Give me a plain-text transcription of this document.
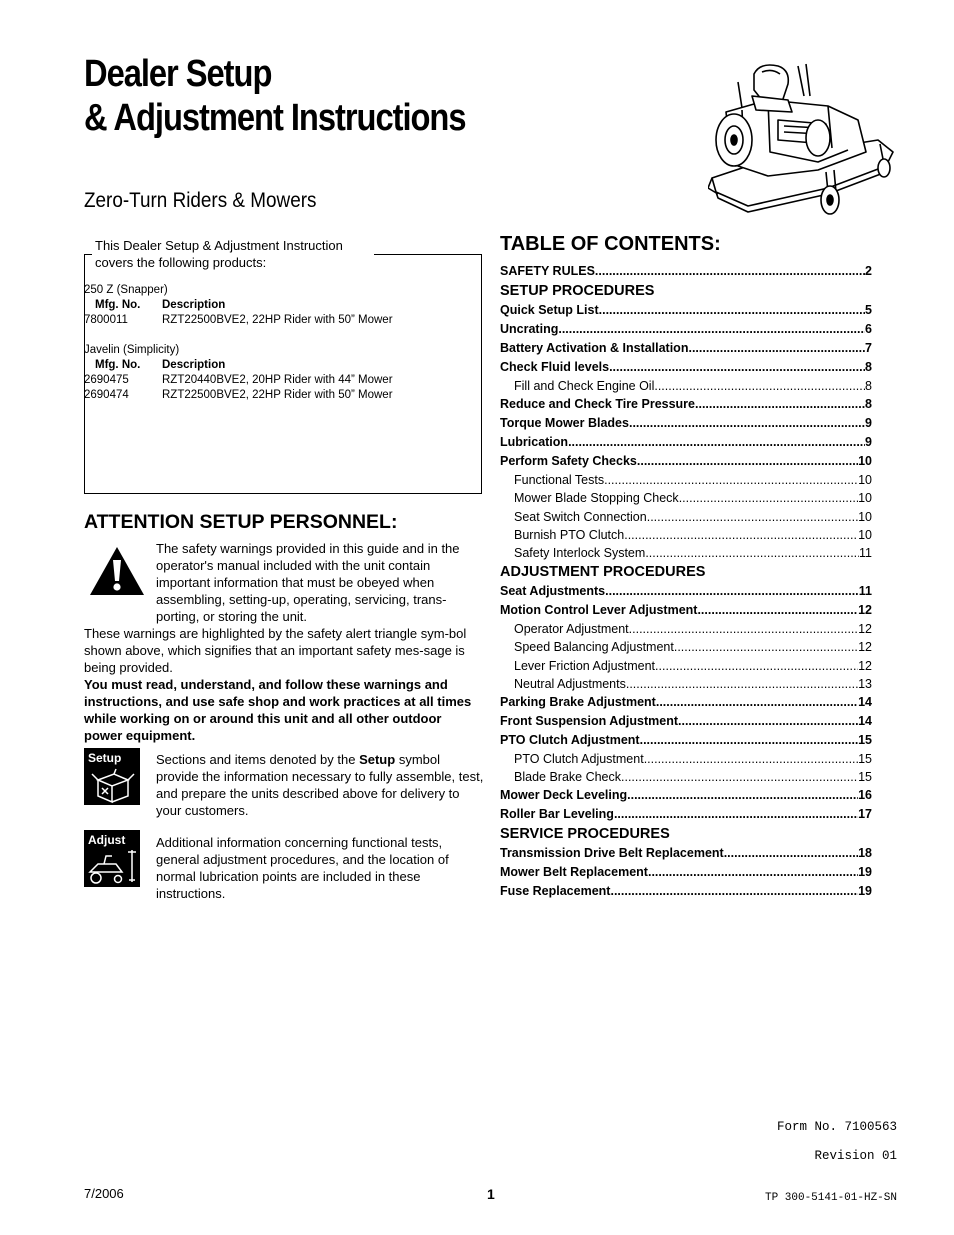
Dealer Setup
& Adjustment Instructions
Zero-Turn Riders & Mowers
This Dealer Setup & Adjustment Instruction
covers the following products:
250 Z (Snapper)
Mfg. No.	Description
7800011	RZT22500BVE2, 22HP Rider with 50” Mower
Javelin (Simplicity)
Mfg. No.	Description
2690475	RZT20440BVE2, 20HP Rider with 44” Mower
2690474	RZT22500BVE2, 22HP Rider with 50” Mower
ATTENTION SETUP PERSONNEL:

The safety warnings provided in this guide and in the operator's manual included with the unit contain important information that must be obeyed when assembling, setting-up, operating, servicing, trans-porting, or storing the unit.

These warnings are highlighted by the safety alert triangle sym-bol shown above, which signifies that an important safety mes-sage is being provided.

You must read, understand, and follow these warnings and instructions, and use safe shop and work practices at all times while working on or around this unit and all other outdoor power equipment.

Setup	Sections and items denoted by the Setup symbol provide the information necessary to fully assemble, test, and prepare the units described above for delivery to your customers.
Adjust	Additional information concerning functional tests, general adjustment procedures, and the location of normal lubrication points are included in these instructions.
TABLE OF CONTENTS:
SAFETY RULES .....	2
SETUP PROCEDURES
Quick Setup List .....	5
Uncrating .....	6
Battery Activation & Installation .....	7
Check Fluid levels .....	8
Fill and Check Engine Oil .....	8
Reduce and Check Tire Pressure .....	8
Torque Mower Blades .....	9
Lubrication .....	9
Perform Safety Checks .....	10
Functional Tests .....	10
Mower Blade Stopping Check .....	10
Seat Switch Connection .....	10
Burnish PTO Clutch .....	10
Safety Interlock System .....	11
ADJUSTMENT PROCEDURES
Seat Adjustments .....	11
Motion Control Lever Adjustment .....	12
Operator Adjustment .....	12
Speed Balancing Adjustment .....	12
Lever Friction Adjustment .....	12
Neutral Adjustments .....	13
Parking Brake Adjustment .....	14
Front Suspension Adjustment .....	14
PTO Clutch Adjustment .....	15
PTO Clutch Adjustment .....	15
Blade Brake Check .....	15
Mower Deck Leveling .....	16
Roller Bar Leveling .....	17
SERVICE PROCEDURES
Transmission Drive Belt Replacement .....	18
Mower Belt Replacement .....	19
Fuse Replacement .....	19
Form No. 7100563
Revision 01
7/2006	1	TP 300-5141-01-HZ-SN
